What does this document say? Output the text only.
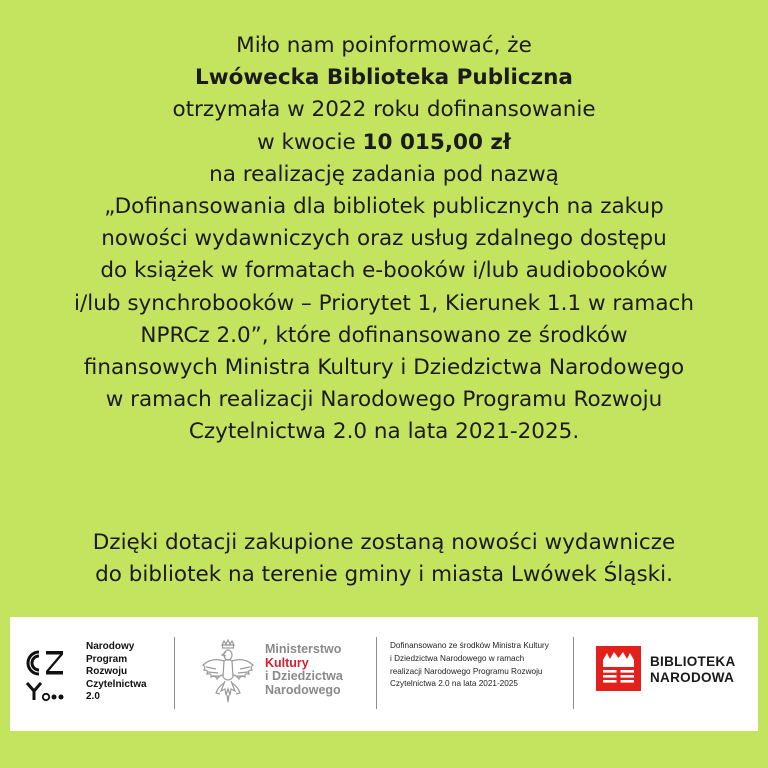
Miło nam poinformować, że
Lwówecka Biblioteka Publiczna
otrzymała w 2022 roku dofinansowanie
w kwocie 10 015,00 zł
na realizację zadania pod nazwą
„Dofinansowania dla bibliotek publicznych na zakup
nowości wydawniczych oraz usług zdalnego dostępu
do książek w formatach e-booków i/lub audiobooków
i/lub synchrobooków – Priorytet 1, Kierunek 1.1 w ramach
NPRCz 2.0”, które dofinansowano ze środków
finansowych Ministra Kultury i Dziedzictwa Narodowego
w ramach realizacji Narodowego Programu Rozwoju
Czytelnictwa 2.0 na lata 2021-2025.
Dzięki dotacji zakupione zostaną nowości wydawnicze
do bibliotek na terenie gminy i miasta Lwówek Śląski.
Narodowy
Program
Rozwoju
Czytelnictwa
2.0
Ministerstwo
Kultury
i Dziedzictwa
Narodowego
Dofinansowano ze środków Ministra Kultury
i Dziedzictwa Narodowego w ramach
realizacji Narodowego Programu Rozwoju
Czytelnictwa 2.0 na lata 2021-2025
BIBLIOTEKA
NARODOWA
